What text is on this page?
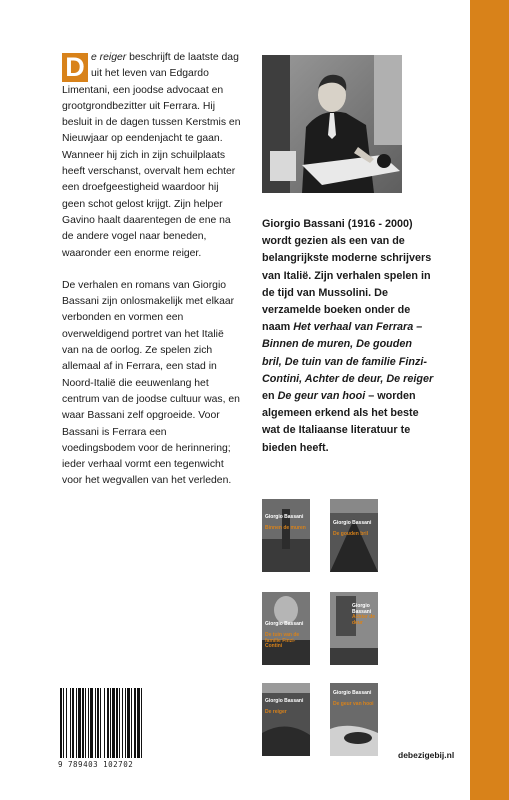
D e reiger beschrijft de laatste dag uit het leven van Edgardo Limentani, een joodse advocaat en grootgrondbezitter uit Ferrara. Hij besluit in de dagen tussen Kerstmis en Nieuwjaar op eendenjacht te gaan. Wanneer hij zich in zijn schuilplaats heeft verschanst, overvalt hem echter een droefgeestigheid waardoor hij geen schot gelost krijgt. Zijn helper Gavino haalt daarentegen de ene na de andere vogel naar beneden, waaronder een enorme reiger.

De verhalen en romans van Giorgio Bassani zijn onlosmakelijk met elkaar verbonden en vormen een overweldigend portret van het Italië van na de oorlog. Ze spelen zich allemaal af in Ferrara, een stad in Noord-Italië die eeuwenlang het centrum van de joodse cultuur was, en waar Bassani zelf opgroeide. Voor Bassani is Ferrara een voedingsbodem voor de herinnering; ieder verhaal vormt een tegenwicht voor het wegvallen van het verleden.

Giorgio Bassani (1916 - 2000) wordt gezien als een van de belangrijkste moderne schrijvers van Italië. Zijn verhalen spelen in de tijd van Mussolini. De verzamelde boeken onder de naam Het verhaal van Ferrara – Binnen de muren, De gouden bril, De tuin van de familie Finzi-Contini, Achter de deur, De reiger en De geur van hooi – worden algemeen erkend als het beste wat de Italiaanse literatuur te bieden heeft.

Giorgio Bassani
Binnen de muren
Giorgio Bassani
De gouden bril
Giorgio Bassani
De tuin van de familie Finzi-Contini
Giorgio Bassani
Achter de deur
Giorgio Bassani
De reiger
Giorgio Bassani
De geur van hooi
9 789403 102702
debezigebij.nl
